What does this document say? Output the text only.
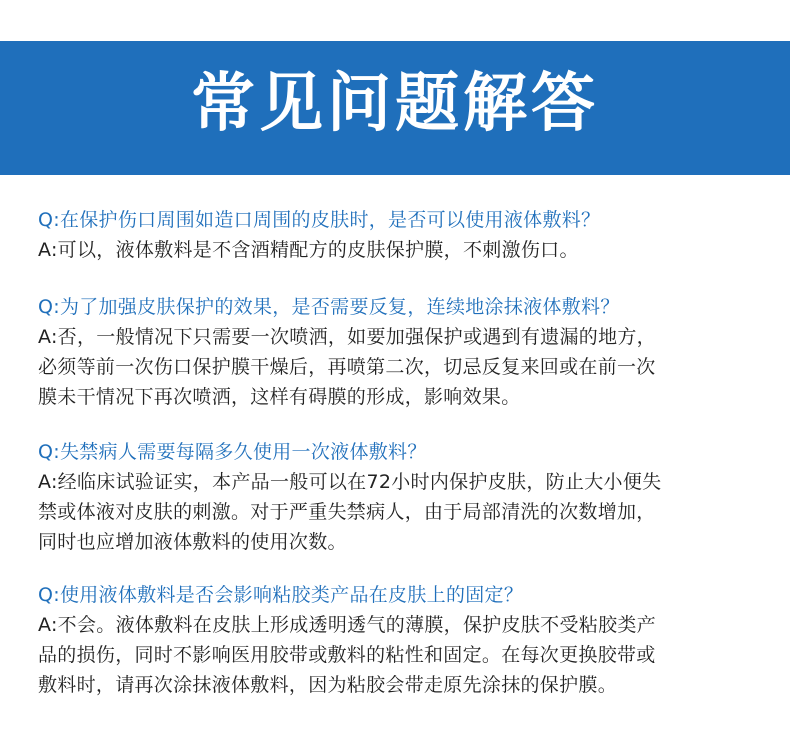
常见问题解答
Q:在保护伤口周围如造口周围的皮肤时，是否可以使用液体敷料？
A:可以，液体敷料是不含酒精配方的皮肤保护膜，不刺激伤口。
Q:为了加强皮肤保护的效果，是否需要反复，连续地涂抹液体敷料？
A:否，一般情况下只需要一次喷洒，如要加强保护或遇到有遗漏的地方，
必须等前一次伤口保护膜干燥后，再喷第二次，切忌反复来回或在前一次
膜未干情况下再次喷洒，这样有碍膜的形成，影响效果。
Q:失禁病人需要每隔多久使用一次液体敷料？
A:经临床试验证实，本产品一般可以在72小时内保护皮肤，防止大小便失
禁或体液对皮肤的刺激。对于严重失禁病人，由于局部清洗的次数增加，
同时也应增加液体敷料的使用次数。
Q:使用液体敷料是否会影响粘胶类产品在皮肤上的固定？
A:不会。液体敷料在皮肤上形成透明透气的薄膜，保护皮肤不受粘胶类产
品的损伤，同时不影响医用胶带或敷料的粘性和固定。在每次更换胶带或
敷料时，请再次涂抹液体敷料，因为粘胶会带走原先涂抹的保护膜。
